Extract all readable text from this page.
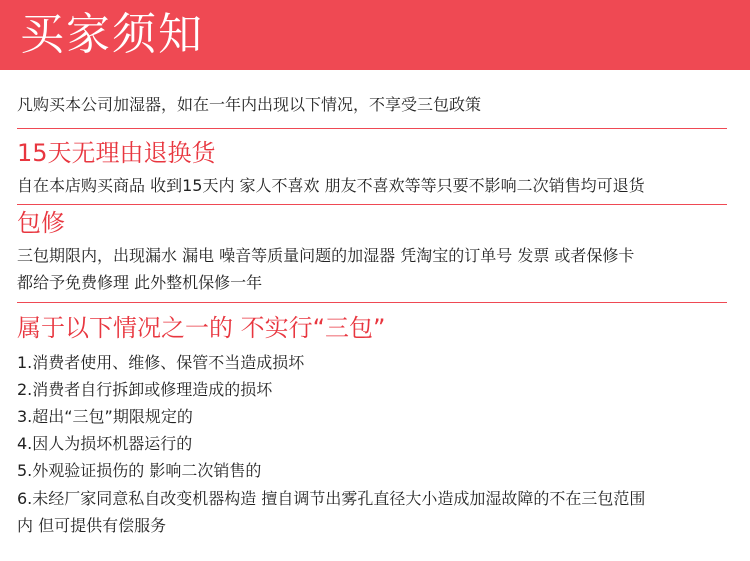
买家须知
凡购买本公司加湿器，如在一年内出现以下情况，不享受三包政策
15天无理由退换货
自在本店购买商品 收到15天内 家人不喜欢 朋友不喜欢等等只要不影响二次销售均可退货
包修
三包期限内，出现漏水 漏电 噪音等质量问题的加湿器 凭淘宝的订单号 发票 或者保修卡
都给予免费修理 此外整机保修一年
属于以下情况之一的 不实行“三包”
1.消费者使用、维修、保管不当造成损坏
2.消费者自行拆卸或修理造成的损坏
3.超出“三包”期限规定的
4.因人为损坏机器运行的
5.外观验证损伤的 影响二次销售的
6.未经厂家同意私自改变机器构造 擅自调节出雾孔直径大小造成加湿故障的不在三包范围
内 但可提供有偿服务
